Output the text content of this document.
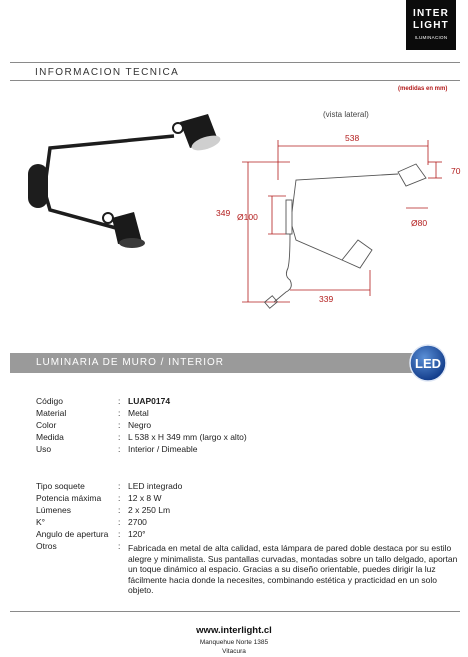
INTER
LIGHT
ILUMINACION
INFORMACION TECNICA
(medidas en mm)
(vista lateral)
538
349 Ø100
70
Ø80
339
LUMINARIA DE MURO / INTERIOR	LED
Código	: LUAP0174
Material	: Metal
Color	: Negro
Medida	: L 538 x H 349 mm (largo x alto)
Uso	: Interior / Dimeable
Tipo soquete	: LED integrado
Potencia máxima	: 12 x 8 W
Lúmenes	: 2 x 250 Lm
K°	: 2700
Angulo de apertura	: 120°
Otros	: Fabricada en metal de alta calidad, esta lámpara de pared doble destaca por su estilo alegre y minimalista. Sus pantallas curvadas, montadas sobre un tallo delgado, aportan un toque dinámico al espacio. Gracias a su diseño orientable, puedes dirigir la luz fácilmente hacia donde la necesites, combinando estética y practicidad en un solo objeto.
www.interlight.cl
Manquehue Norte 1385
Vitacura
